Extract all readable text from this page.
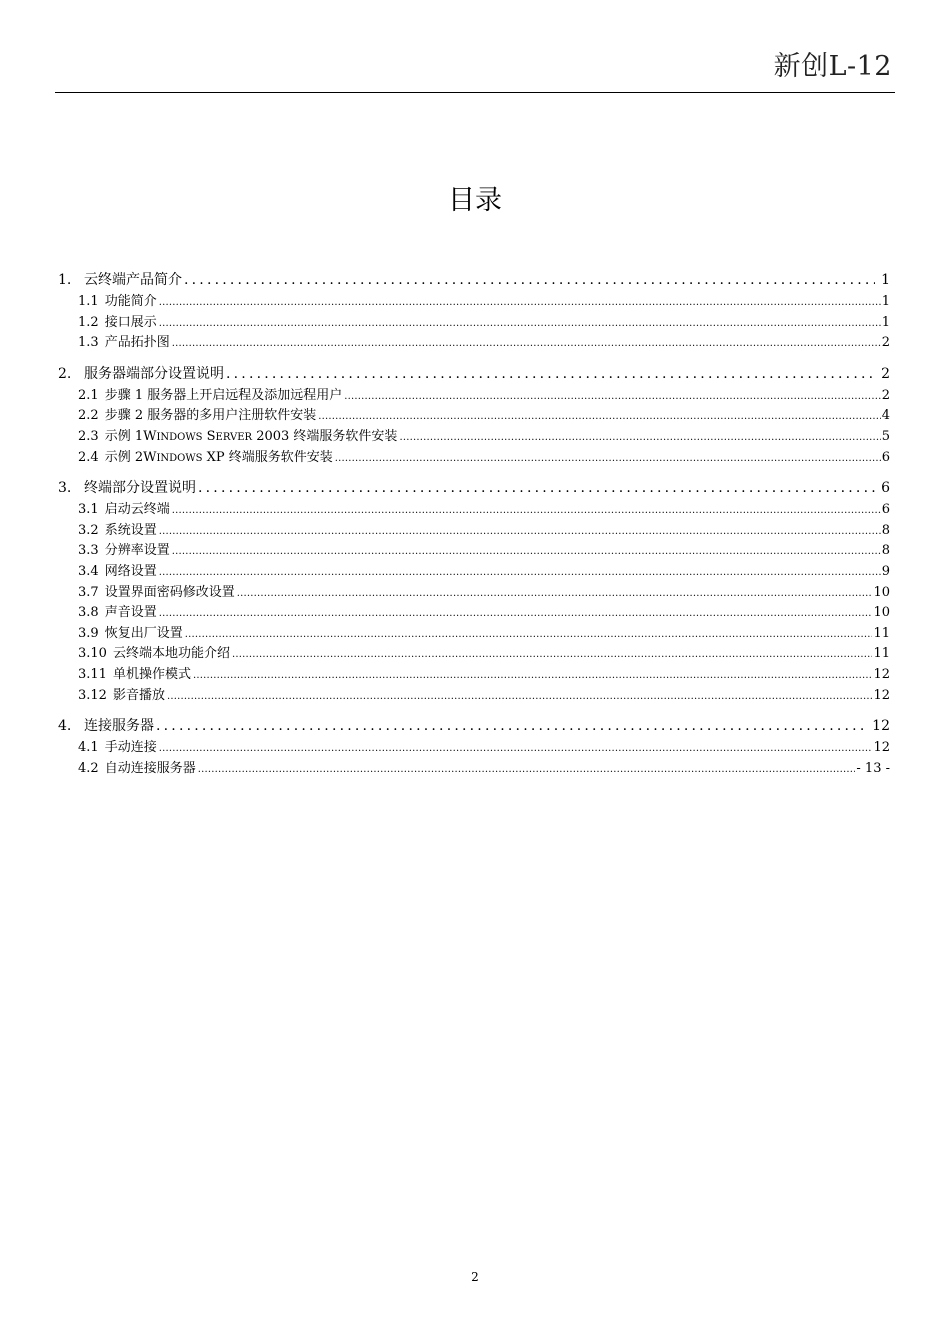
新创L-12
目录
1. 云终端产品简介 .....	1
1.1 功能简介 .....	1
1.2 接口展示 .....	1
1.3 产品拓扑图 .....	2
2. 服务器端部分设置说明 .....	2
2.1 步骤 1 服务器上开启远程及添加远程用户 .....	2
2.2 步骤 2 服务器的多用户注册软件安装 .....	4
2.3 示例 1WINDOWS SERVER 2003 终端服务软件安装 .....	5
2.4 示例 2WINDOWS XP 终端服务软件安装 .....	6
3. 终端部分设置说明 .....	6
3.1 启动云终端 .....	6
3.2 系统设置 .....	8
3.3 分辨率设置 .....	8
3.4 网络设置 .....	9
3.7 设置界面密码修改设置 .....	10
3.8 声音设置 .....	10
3.9 恢复出厂设置 .....	11
3.10 云终端本地功能介绍 .....	11
3.11 单机操作模式 .....	12
3.12 影音播放 .....	12
4. 连接服务器 .....	12
4.1 手动连接 .....	12
4.2 自动连接服务器 .....	- 13 -
2
